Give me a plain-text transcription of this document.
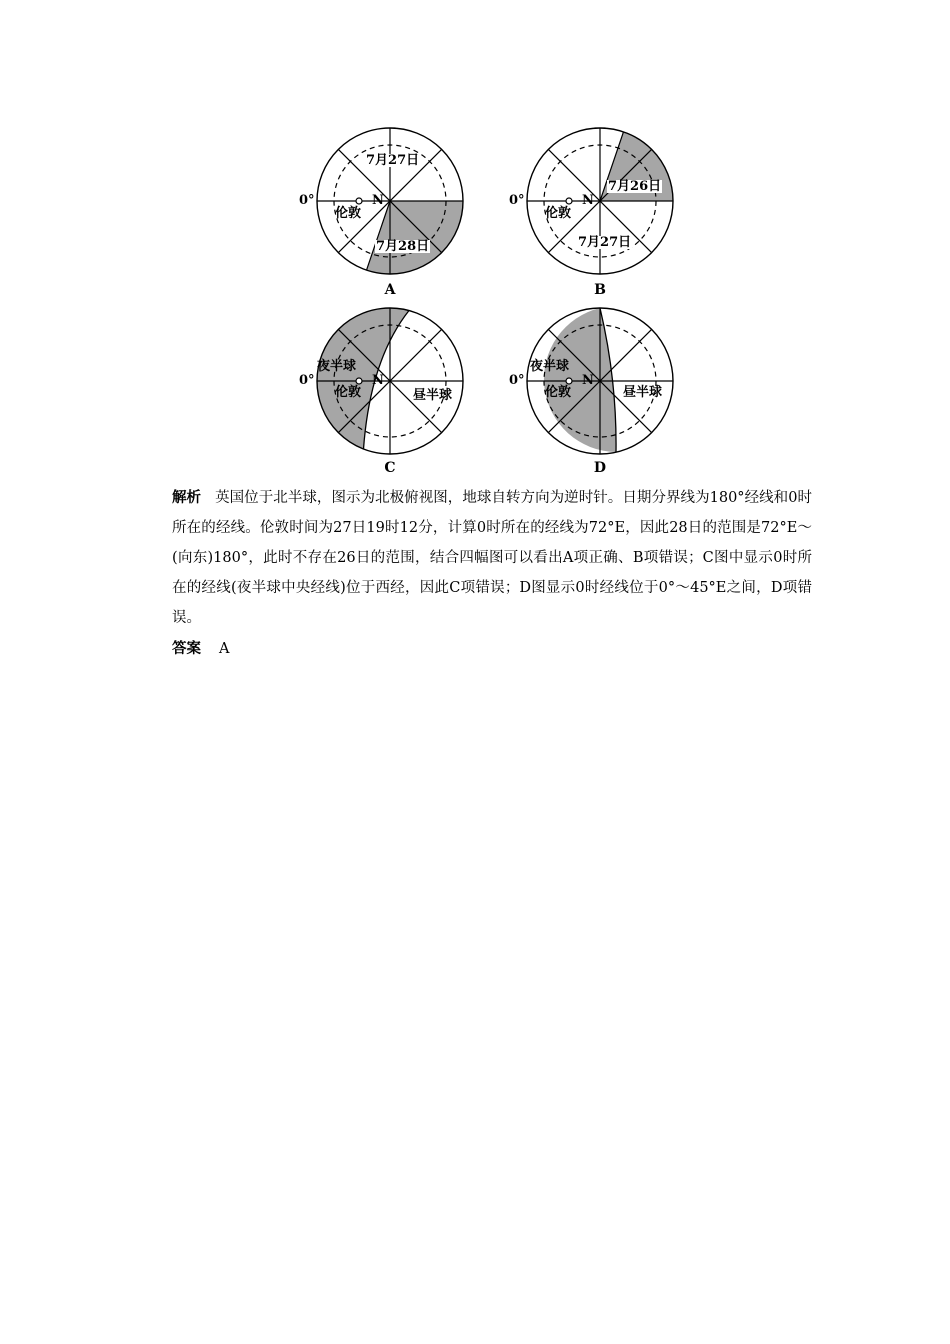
0°	N
伦敦
7月27日
7月28日
A
0°	N
伦敦
7月26日
7月27日
B
0°	N
伦敦
夜半球
昼半球
C
0°	N
伦敦
夜半球
昼半球
D
解析 英国位于北半球，图示为北极俯视图，地球自转方向为逆时针。日期分界线为180°经线和0时所在的经线。伦敦时间为27日19时12分，计算0时所在的经线为72°E，因此28日的范围是72°E～(向东)180°，此时不存在26日的范围，结合四幅图可以看出A项正确、B项错误；C图中显示0时所在的经线(夜半球中央经线)位于西经，因此C项错误；D图显示0时经线位于0°～45°E之间，D项错误。
答案 A
